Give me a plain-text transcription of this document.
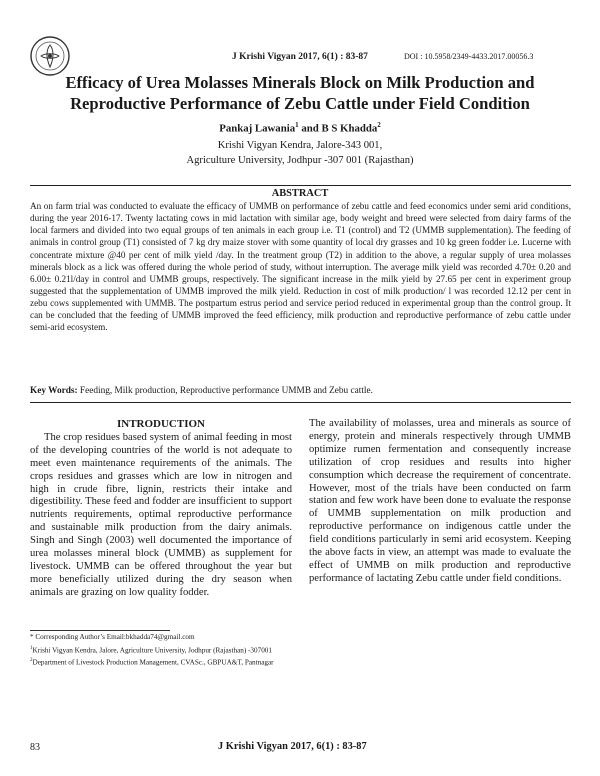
J Krishi Vigyan 2017, 6(1) : 83-87	DOI : 10.5958/2349-4433.2017.00056.3
Efficacy of Urea Molasses Minerals Block on Milk Production and Reproductive Performance of Zebu Cattle under Field Condition
Pankaj Lawania$^1$ and B S Khadda$^2$
Krishi Vigyan Kendra, Jalore-343 001,
Agriculture University, Jodhpur -307 001 (Rajasthan)
ABSTRACT
An on farm trial was conducted to evaluate the efficacy of UMMB on performance of zebu cattle and feed economics under semi arid conditions, during the year 2016-17. Twenty lactating cows in mid lactation with similar age, body weight and breed were selected from dairy farms of the local farmers and divided into two equal groups of ten animals in each group i.e. T1 (control) and T2 (UMMB supplementation). The feeding of animals in control group (T1) consisted of 7 kg dry maize stover with some quantity of local dry grasses and 10 kg green fodder i.e. Lucerne with concentrate mixture @40 per cent of milk yield /day. In the treatment group (T2) in addition to the above, a regular supply of urea molasses minerals block as a lick was offered during the whole period of study, without interruption. The average milk yield was recorded 4.70± 0.20 and 6.00± 0.21l/day in control and UMMB groups, respectively. The significant increase in the milk yield by 27.65 per cent in experiment group suggested that the supplementation of UMMB improved the milk yield. Reduction in cost of milk production/ l was recorded 12.12 per cent in zebu cows supplemented with UMMB. The postpartum estrus period and service period reduced in experimental group than the control group. It can be concluded that the feeding of UMMB improved the feed efficiency, milk production and reproductive performance of zebu cattle under semi-arid ecosystem.
Key Words: Feeding, Milk production, Reproductive performance UMMB and Zebu cattle.
INTRODUCTION

The crop residues based system of animal feeding in most of the developing countries of the world is not adequate to meet even maintenance requirements of the animals. The crops residues and grasses which are low in nitrogen and high in crude fibre, lignin, restricts their intake and digestibility. These feed and fodder are insufficient to support nutrients requirements, optimal reproductive performance and sustainable milk production from the dairy animals. Singh and Singh (2003) well documented the importance of urea molasses mineral block (UMMB) as supplement for livestock. UMMB can be offered throughout the year but more beneficially utilized during the dry season when animals are grazing on low quality fodder.

The availability of molasses, urea and minerals as source of energy, protein and minerals respectively through UMMB optimize rumen fermentation and consequently increase utilization of crop residues and results into higher consumption which decrease the requirement of concentrate. However, most of the trials have been conducted on farm station and few work have been done to evaluate the response of UMMB supplementation on milk production and reproductive performance on indigenous cattle under the field conditions particularly in semi arid ecosystem. Keeping the above facts in view, an attempt was made to evaluate the effect of UMMB on milk production and reproductive performance of lactating Zebu cattle under field conditions.

* Corresponding Author’s Email:bkhadda74@gmail.com
$^1$Krishi Vigyan Kendra, Jalore, Agriculture University, Jodhpur (Rajasthan) -307001
$^2$Department of Livestock Production Management, CVASc., GBPUA&T, Pantnagar
83	J Krishi Vigyan 2017, 6(1) : 83-87
